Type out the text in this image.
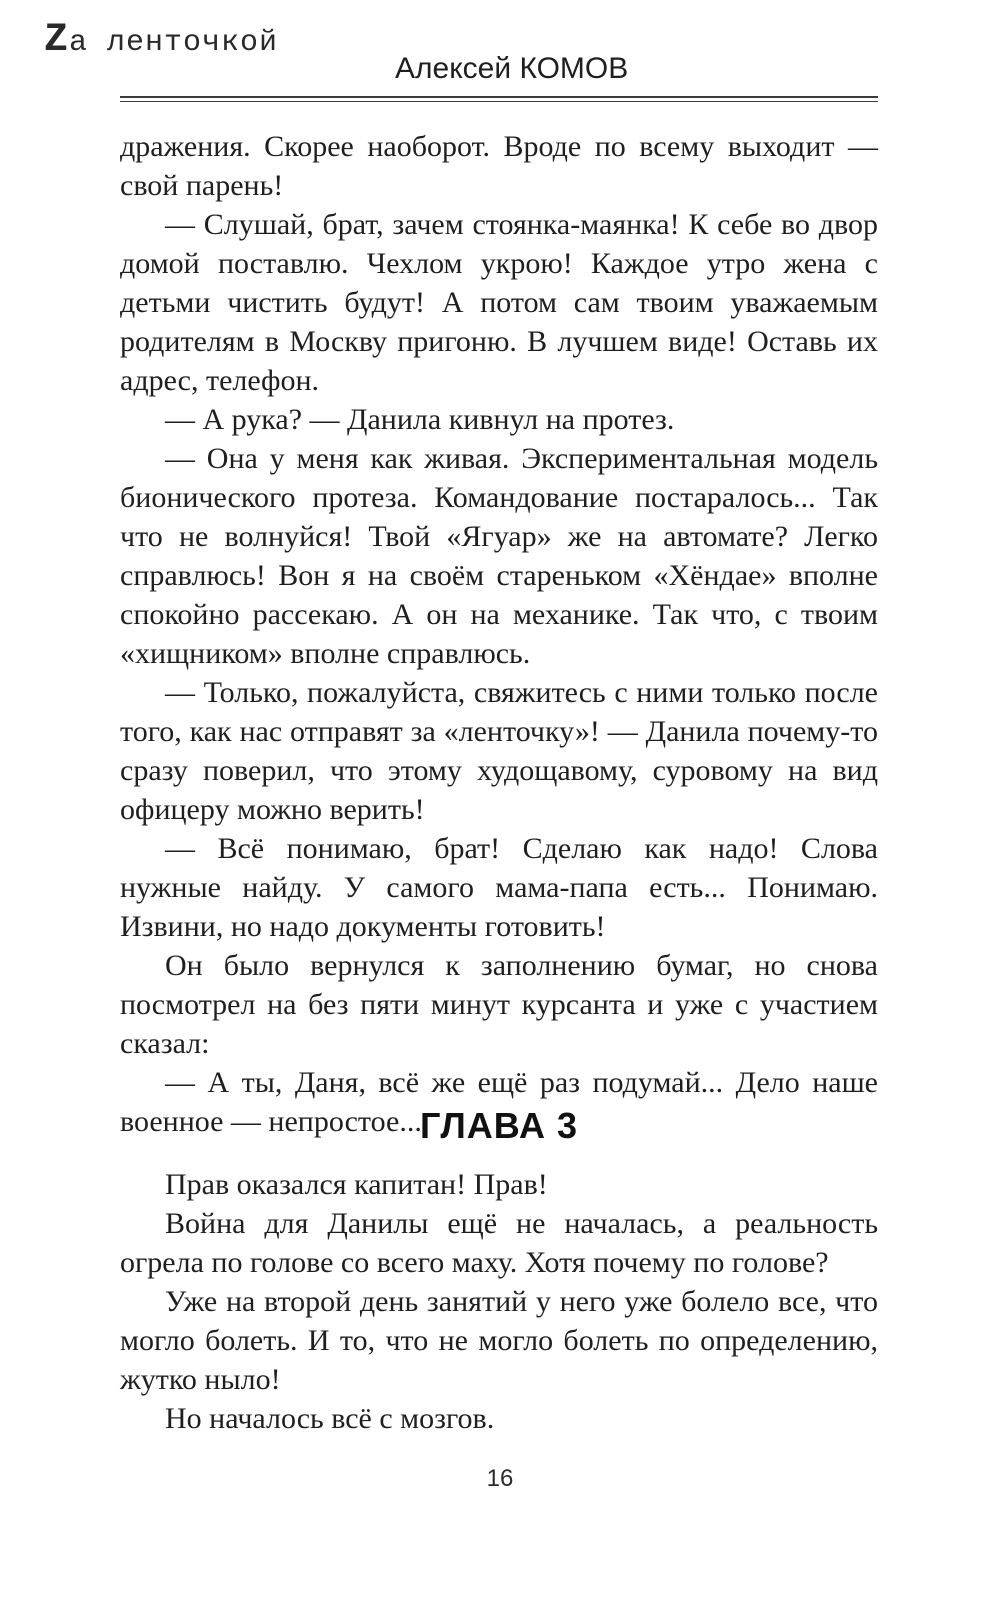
Za ленточкой
Алексей КОМОВ

дражения. Скорее наоборот. Вроде по всему выходит — свой парень!

— Слушай, брат, зачем стоянка-маянка! К себе во двор домой поставлю. Чехлом укрою! Каждое утро жена с детьми чистить будут! А потом сам твоим уважаемым родителям в Москву пригоню. В лучшем виде! Оставь их адрес, телефон.

— А рука? — Данила кивнул на протез.

— Она у меня как живая. Экспериментальная модель бионического протеза. Командование постаралось... Так что не волнуйся! Твой «Ягуар» же на автомате? Легко справлюсь! Вон я на своём стареньком «Хёндае» вполне спокойно рассекаю. А он на механике. Так что, с твоим «хищником» вполне справлюсь.

— Только, пожалуйста, свяжитесь с ними только после того, как нас отправят за «ленточку»! — Данила почему-то сразу поверил, что этому худощавому, суровому на вид офицеру можно верить!

— Всё понимаю, брат! Сделаю как надо! Слова нужные найду. У самого мама-папа есть... Понимаю. Извини, но надо документы готовить!

Он было вернулся к заполнению бумаг, но снова посмотрел на без пяти минут курсанта и уже с участием сказал:

— А ты, Даня, всё же ещё раз подумай... Дело наше военное — непростое...

ГЛАВА 3

Прав оказался капитан! Прав!

Война для Данилы ещё не началась, а реальность огрела по голове со всего маху. Хотя почему по голове?

Уже на второй день занятий у него уже болело все, что могло болеть. И то, что не могло болеть по определению, жутко ныло!

Но началось всё с мозгов.

16
